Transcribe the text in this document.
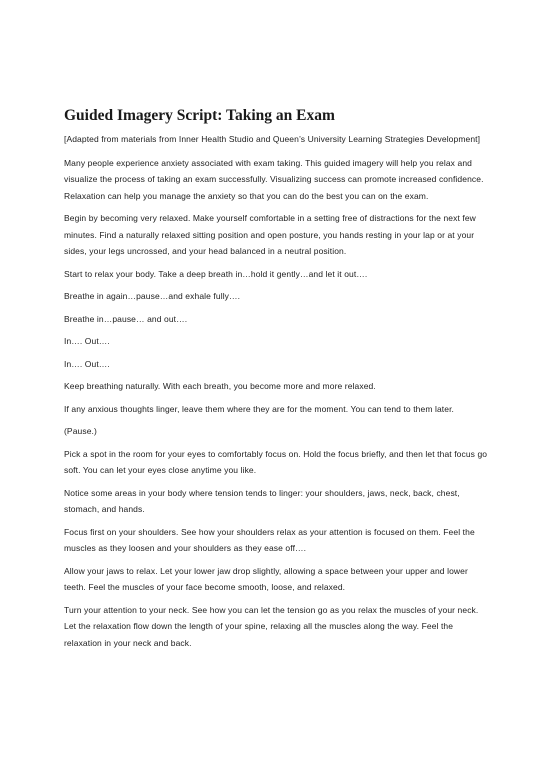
Guided Imagery Script: Taking an Exam

[Adapted from materials from Inner Health Studio and Queen’s University Learning Strategies Development]

Many people experience anxiety associated with exam taking. This guided imagery will help you relax and visualize the process of taking an exam successfully. Visualizing success can promote increased confidence. Relaxation can help you manage the anxiety so that you can do the best you can on the exam.

Begin by becoming very relaxed. Make yourself comfortable in a setting free of distractions for the next few minutes. Find a naturally relaxed sitting position and open posture, you hands resting in your lap or at your sides, your legs uncrossed, and your head balanced in a neutral position.

Start to relax your body. Take a deep breath in…hold it gently…and let it out….

Breathe in again…pause…and exhale fully….

Breathe in…pause… and out….

In…. Out….

In…. Out….

Keep breathing naturally. With each breath, you become more and more relaxed.

If any anxious thoughts linger, leave them where they are for the moment. You can tend to them later.

(Pause.)

Pick a spot in the room for your eyes to comfortably focus on. Hold the focus briefly, and then let that focus go soft. You can let your eyes close anytime you like.

Notice some areas in your body where tension tends to linger: your shoulders, jaws, neck, back, chest, stomach, and hands.

Focus first on your shoulders. See how your shoulders relax as your attention is focused on them. Feel the muscles as they loosen and your shoulders as they ease off….

Allow your jaws to relax. Let your lower jaw drop slightly, allowing a space between your upper and lower teeth. Feel the muscles of your face become smooth, loose, and relaxed.

Turn your attention to your neck. See how you can let the tension go as you relax the muscles of your neck. Let the relaxation flow down the length of your spine, relaxing all the muscles along the way. Feel the relaxation in your neck and back.
